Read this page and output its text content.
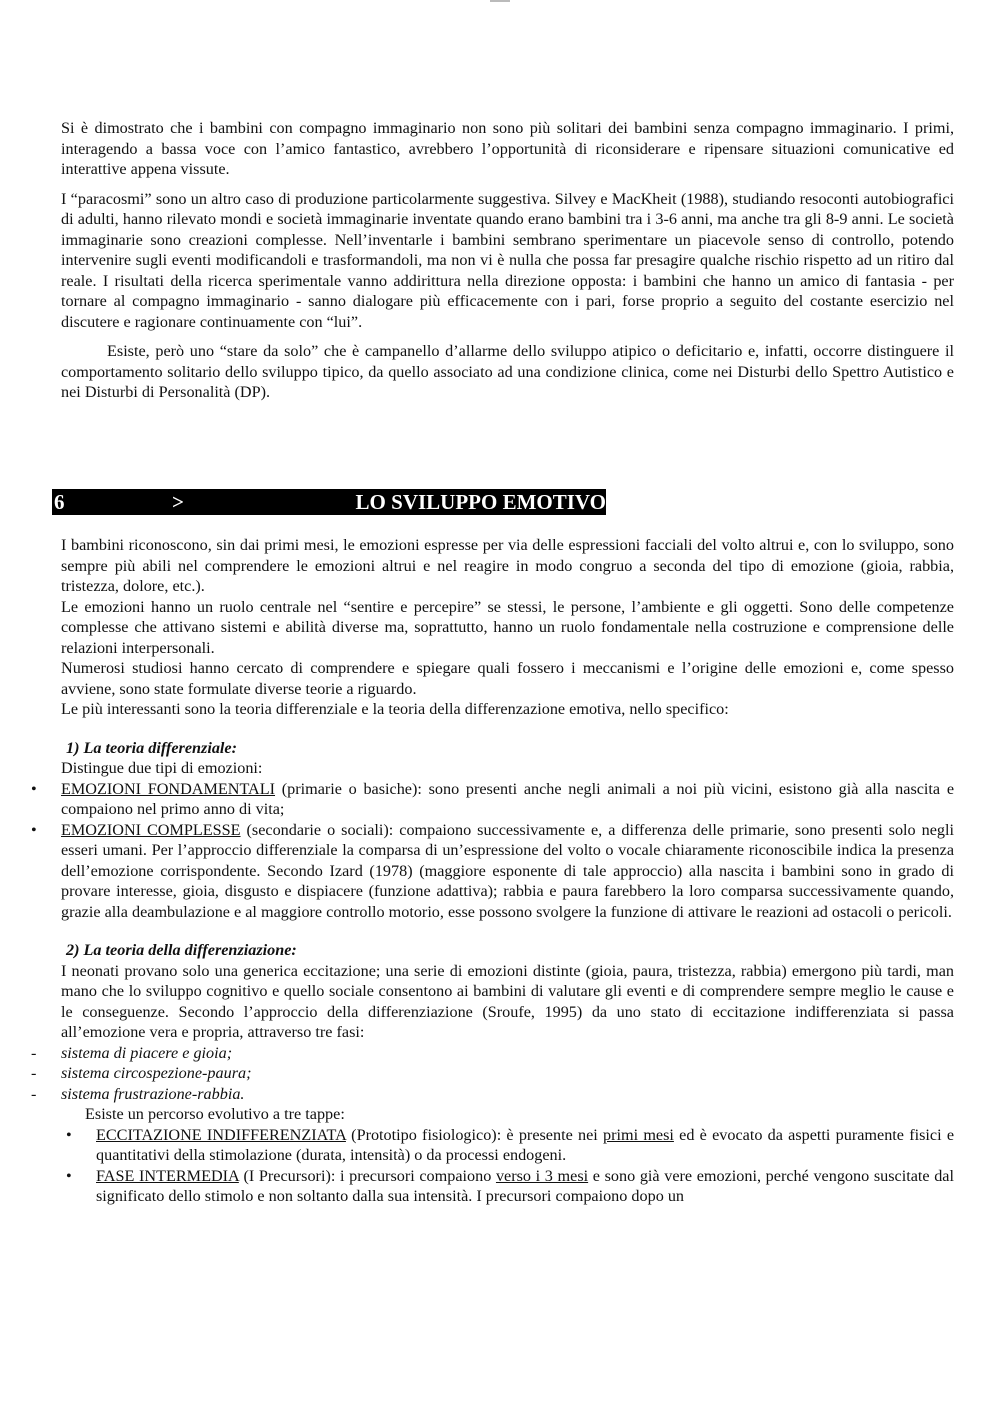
Si è dimostrato che i bambini con compagno immaginario non sono più solitari dei bambini senza compagno immaginario. I primi, interagendo a bassa voce con l’amico fantastico, avrebbero l’opportunità di riconsiderare e ripensare situazioni comunicative ed interattive appena vissute.

I “paracosmi” sono un altro caso di produzione particolarmente suggestiva. Silvey e MacKheit (1988), studiando resoconti autobiografici di adulti, hanno rilevato mondi e società immaginarie inventate quando erano bambini tra i 3-6 anni, ma anche tra gli 8-9 anni. Le società immaginarie sono creazioni complesse. Nell’inventarle i bambini sembrano sperimentare un piacevole senso di controllo, potendo intervenire sugli eventi modificandoli e trasformandoli, ma non vi è nulla che possa far presagire qualche rischio rispetto ad un ritiro dal reale. I risultati della ricerca sperimentale vanno addirittura nella direzione opposta: i bambini che hanno un amico di fantasia - per tornare al compagno immaginario - sanno dialogare più efficacemente con i pari, forse proprio a seguito del costante esercizio nel discutere e ragionare continuamente con “lui”.

Esiste, però uno “stare da solo” che è campanello d’allarme dello sviluppo atipico o deficitario e, infatti, occorre distinguere il comportamento solitario dello sviluppo tipico, da quello associato ad una condizione clinica, come nei Disturbi dello Spettro Autistico e nei Disturbi di Personalità (DP).

6	>	LO SVILUPPO EMOTIVO

I bambini riconoscono, sin dai primi mesi, le emozioni espresse per via delle espressioni facciali del volto altrui e, con lo sviluppo, sono sempre più abili nel comprendere le emozioni altrui e nel reagire in modo congruo a seconda del tipo di emozione (gioia, rabbia, tristezza, dolore, etc.).

Le emozioni hanno un ruolo centrale nel “sentire e percepire” se stessi, le persone, l’ambiente e gli oggetti. Sono delle competenze complesse che attivano sistemi e abilità diverse ma, soprattutto, hanno un ruolo fondamentale nella costruzione e comprensione delle relazioni interpersonali.

Numerosi studiosi hanno cercato di comprendere e spiegare quali fossero i meccanismi e l’origine delle emozioni e, come spesso avviene, sono state formulate diverse teorie a riguardo.

Le più interessanti sono la teoria differenziale e la teoria della differenzazione emotiva, nello specifico:

1) La teoria differenziale:

Distingue due tipi di emozioni:

• EMOZIONI FONDAMENTALI (primarie o basiche): sono presenti anche negli animali a noi più vicini, esistono già alla nascita e compaiono nel primo anno di vita;
• EMOZIONI COMPLESSE (secondarie o sociali): compaiono successivamente e, a differenza delle primarie, sono presenti solo negli esseri umani. Per l’approccio differenziale la comparsa di un’espressione del volto o vocale chiaramente riconoscibile indica la presenza dell’emozione corrispondente. Secondo Izard (1978) (maggiore esponente di tale approccio) alla nascita i bambini sono in grado di provare interesse, gioia, disgusto e dispiacere (funzione adattiva); rabbia e paura farebbero la loro comparsa successivamente quando, grazie alla deambulazione e al maggiore controllo motorio, esse possono svolgere la funzione di attivare le reazioni ad ostacoli o pericoli.
2) La teoria della differenziazione:

I neonati provano solo una generica eccitazione; una serie di emozioni distinte (gioia, paura, tristezza, rabbia) emergono più tardi, man mano che lo sviluppo cognitivo e quello sociale consentono ai bambini di valutare gli eventi e di comprendere sempre meglio le cause e le conseguenze. Secondo l’approccio della differenziazione (Sroufe, 1995) da uno stato di eccitazione indifferenziata si passa all’emozione vera e propria, attraverso tre fasi:

- sistema di piacere e gioia;
- sistema circospezione-paura;
- sistema frustrazione-rabbia.

Esiste un percorso evolutivo a tre tappe:

• ECCITAZIONE INDIFFERENZIATA (Prototipo fisiologico): è presente nei primi mesi ed è evocato da aspetti puramente fisici e quantitativi della stimolazione (durata, intensità) o da processi endogeni.
• FASE INTERMEDIA (I Precursori): i precursori compaiono verso i 3 mesi e sono già vere emozioni, perché vengono suscitate dal significato dello stimolo e non soltanto dalla sua intensità. I precursori compaiono dopo un
